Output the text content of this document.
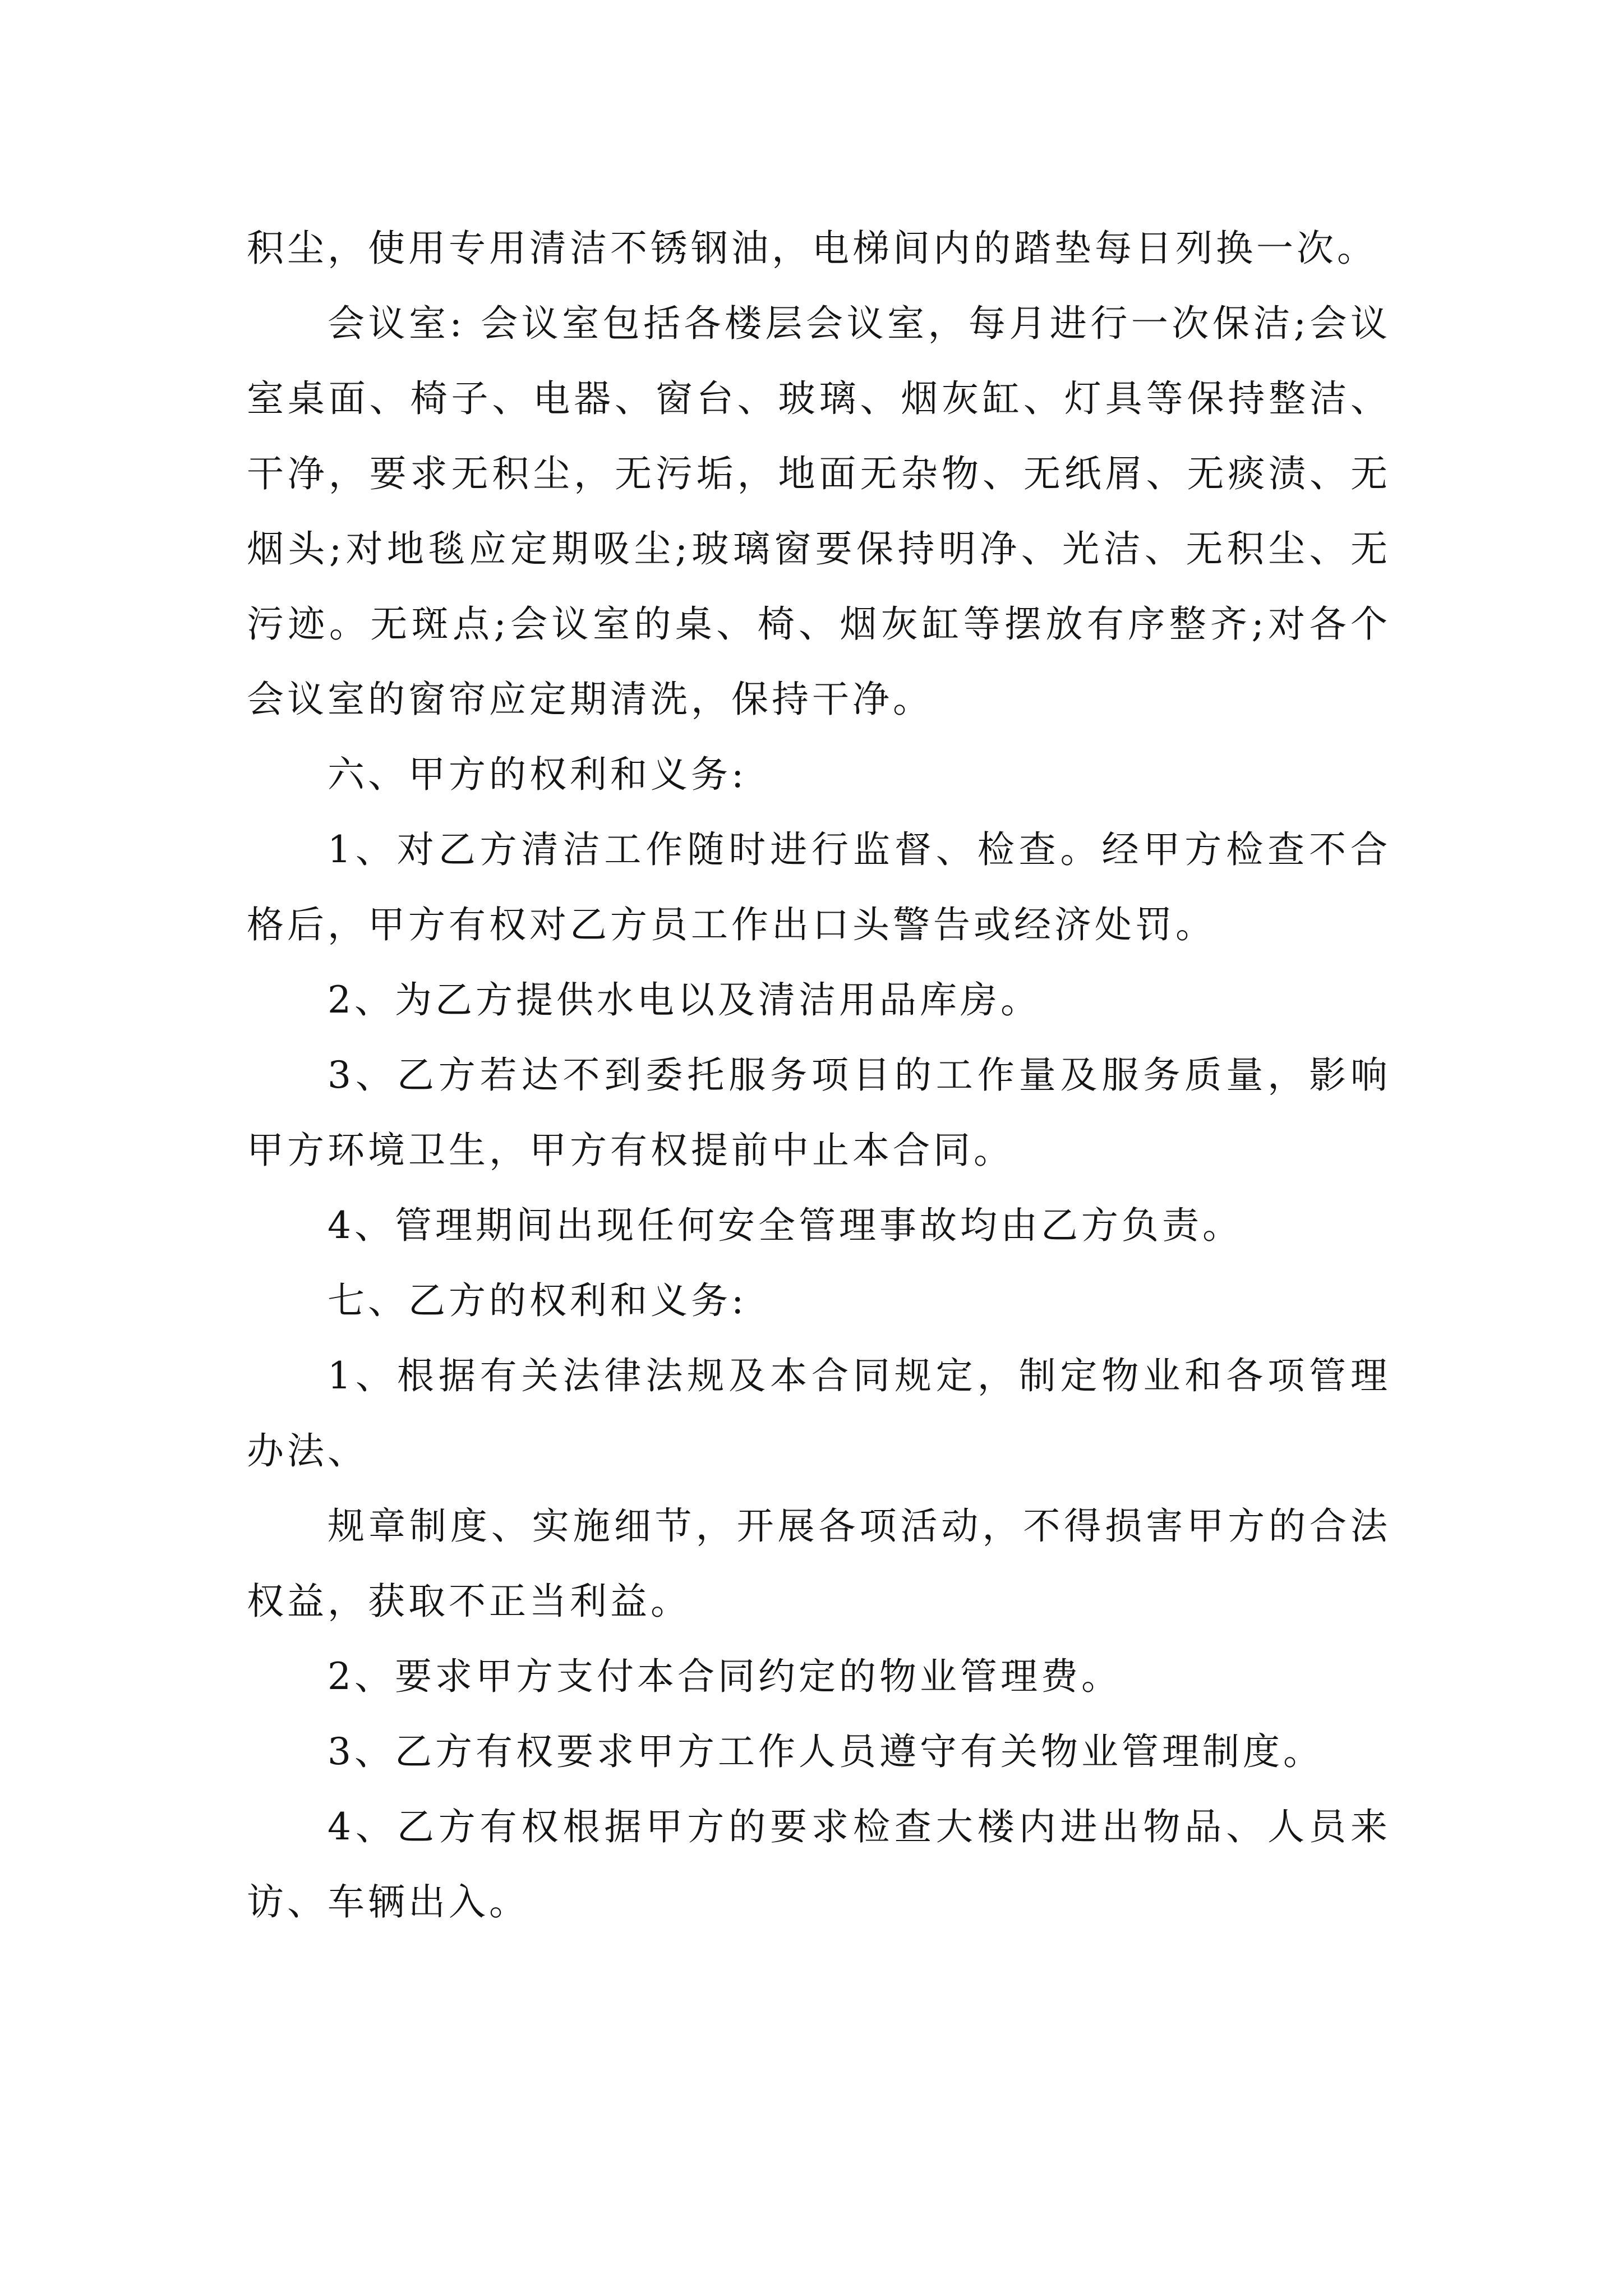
积尘，使用专用清洁不锈钢油，电梯间内的踏垫每日列换一次。

会议室: 会议室包括各楼层会议室，每月进行一次保洁;会议室桌面、椅子、电器、窗台、玻璃、烟灰缸、灯具等保持整洁、干净，要求无积尘，无污垢，地面无杂物、无纸屑、无痰渍、无烟头;对地毯应定期吸尘;玻璃窗要保持明净、光洁、无积尘、无污迹。无斑点;会议室的桌、椅、烟灰缸等摆放有序整齐;对各个会议室的窗帘应定期清洗，保持干净。

六、甲方的权利和义务:

1、对乙方清洁工作随时进行监督、检查。经甲方检查不合格后，甲方有权对乙方员工作出口头警告或经济处罚。

2、为乙方提供水电以及清洁用品库房。

3、乙方若达不到委托服务项目的工作量及服务质量，影响甲方环境卫生，甲方有权提前中止本合同。

4、管理期间出现任何安全管理事故均由乙方负责。

七、乙方的权利和义务:

1、根据有关法律法规及本合同规定，制定物业和各项管理办法、

规章制度、实施细节，开展各项活动，不得损害甲方的合法权益，获取不正当利益。

2、要求甲方支付本合同约定的物业管理费。

3、乙方有权要求甲方工作人员遵守有关物业管理制度。

4、乙方有权根据甲方的要求检查大楼内进出物品、人员来访、车辆出入。
